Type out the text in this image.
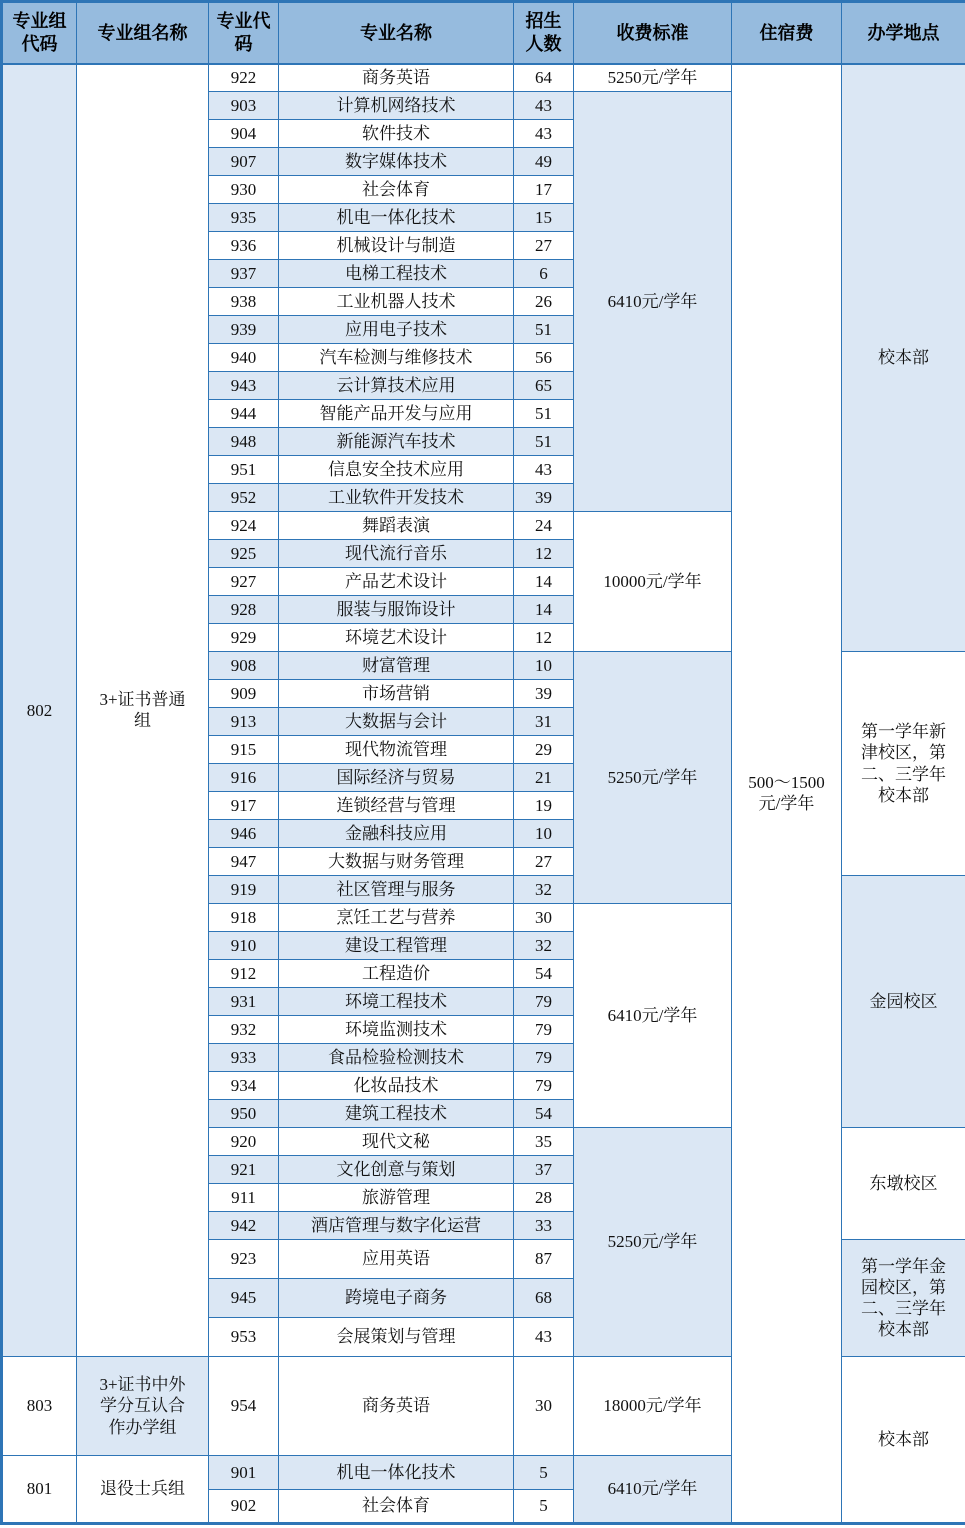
专业组代码	专业组名称	专业代码	专业名称	招生人数	收费标准	住宿费	办学地点
802	3+证书普通组	922	商务英语	64	5250元/学年	500～1500元/学年	校本部
		903	计算机网络技术	43	6410元/学年		
		904	软件技术	43			
		907	数字媒体技术	49			
		930	社会体育	17			
		935	机电一体化技术	15			
		936	机械设计与制造	27			
		937	电梯工程技术	6			
		938	工业机器人技术	26			
		939	应用电子技术	51			
		940	汽车检测与维修技术	56			
		943	云计算技术应用	65			
		944	智能产品开发与应用	51			
		948	新能源汽车技术	51			
		951	信息安全技术应用	43			
		952	工业软件开发技术	39			
		924	舞蹈表演	24	10000元/学年		
		925	现代流行音乐	12			
		927	产品艺术设计	14			
		928	服装与服饰设计	14			
		929	环境艺术设计	12			
		908	财富管理	10	5250元/学年		第一学年新津校区，第二、三学年校本部
		909	市场营销	39			
		913	大数据与会计	31			
		915	现代物流管理	29			
		916	国际经济与贸易	21			
		917	连锁经营与管理	19			
		946	金融科技应用	10			
		947	大数据与财务管理	27			
		919	社区管理与服务	32			金园校区
		918	烹饪工艺与营养	30	6410元/学年		
		910	建设工程管理	32			
		912	工程造价	54			
		931	环境工程技术	79			
		932	环境监测技术	79			
		933	食品检验检测技术	79			
		934	化妆品技术	79			
		950	建筑工程技术	54			
		920	现代文秘	35	5250元/学年		东墩校区
		921	文化创意与策划	37			
		911	旅游管理	28			
		942	酒店管理与数字化运营	33			
		923	应用英语	87			第一学年金园校区，第二、三学年校本部
		945	跨境电子商务	68			
		953	会展策划与管理	43			
803	3+证书中外学分互认合作办学组	954	商务英语	30	18000元/学年		校本部
801	退役士兵组	901	机电一体化技术	5	6410元/学年		
		902	社会体育	5			
